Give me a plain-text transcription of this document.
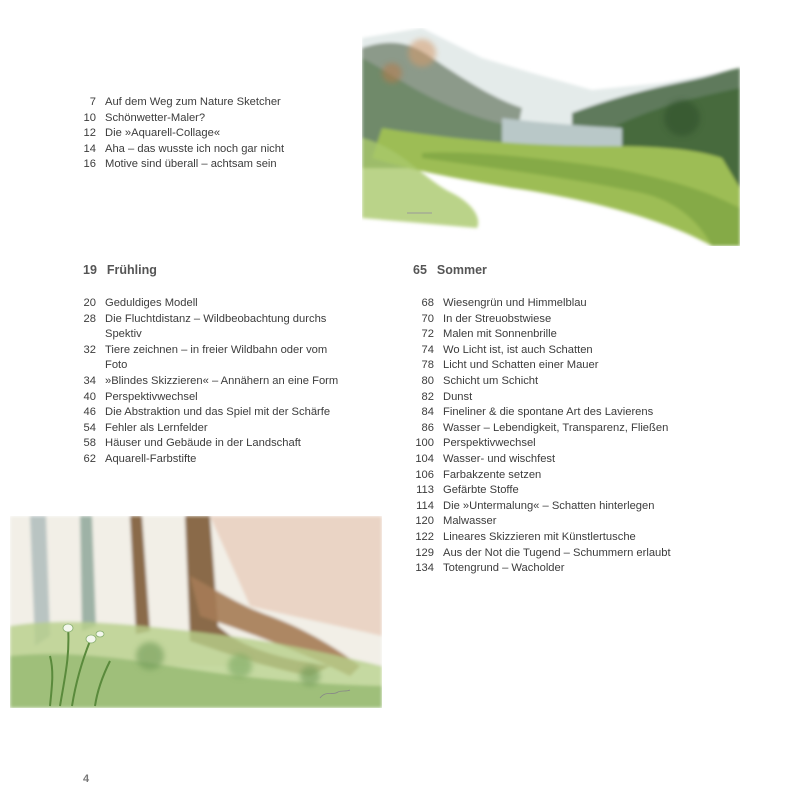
7 Auf dem Weg zum Nature Sketcher
10 Schönwetter-Maler?
12 Die »Aquarell-Collage«
14 Aha – das wusste ich noch gar nicht
16 Motive sind überall – achtsam sein
19 Frühling
20 Geduldiges Modell
28 Die Fluchtdistanz – Wildbeobachtung durchs
Spektiv
32 Tiere zeichnen – in freier Wildbahn oder vom
Foto
34 »Blindes Skizzieren« – Annähern an eine Form
40 Perspektivwechsel
46 Die Abstraktion und das Spiel mit der Schärfe
54 Fehler als Lernfelder
58 Häuser und Gebäude in der Landschaft
62 Aquarell-Farbstifte
65 Sommer
68 Wiesengrün und Himmelblau
70 In der Streuobstwiese
72 Malen mit Sonnenbrille
74 Wo Licht ist, ist auch Schatten
78 Licht und Schatten einer Mauer
80 Schicht um Schicht
82 Dunst
84 Fineliner & die spontane Art des Lavierens
86 Wasser – Lebendigkeit, Transparenz, Fließen
100 Perspektivwechsel
104 Wasser- und wischfest
106 Farbakzente setzen
113 Gefärbte Stoffe
114 Die »Untermalung« – Schatten hinterlegen
120 Malwasser
122 Lineares Skizzieren mit Künstlertusche
129 Aus der Not die Tugend – Schummern erlaubt
134 Totengrund – Wacholder
4
